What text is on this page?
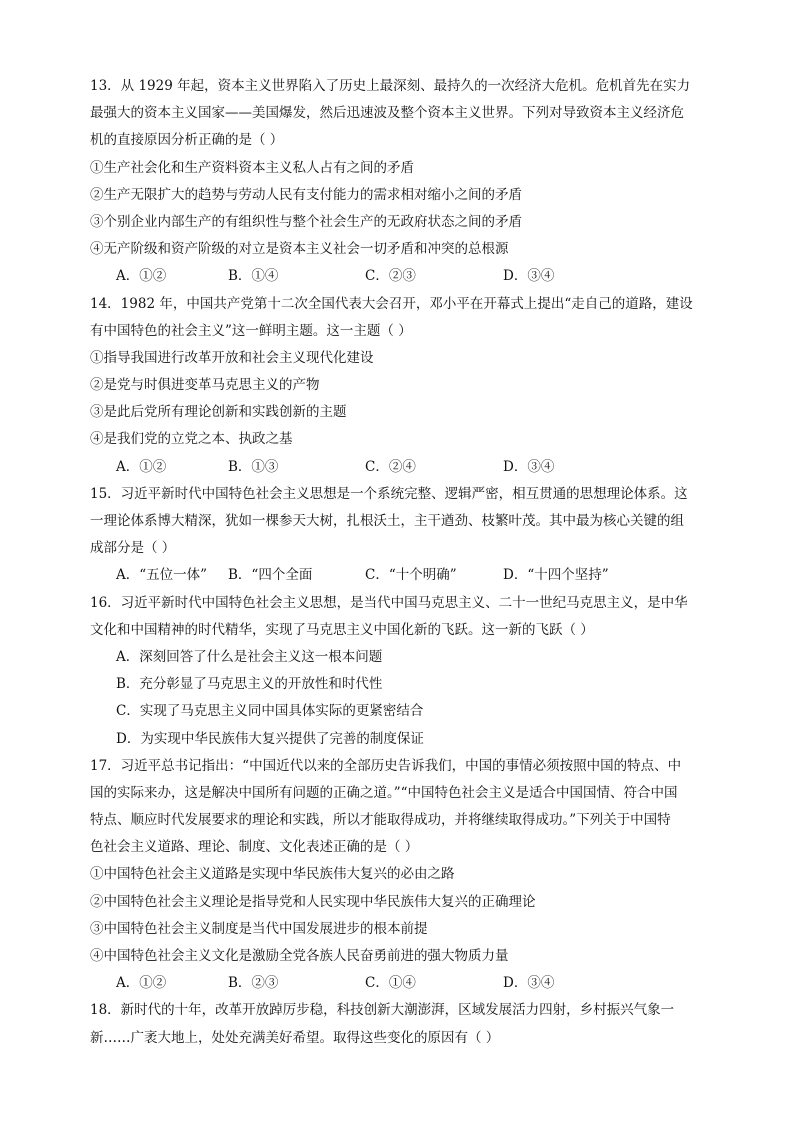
13．从 1929 年起，资本主义世界陷入了历史上最深刻、最持久的一次经济大危机。危机首先在实力
最强大的资本主义国家——美国爆发，然后迅速波及整个资本主义世界。下列对导致资本主义经济危
机的直接原因分析正确的是（ ）
①生产社会化和生产资料资本主义私人占有之间的矛盾
②生产无限扩大的趋势与劳动人民有支付能力的需求相对缩小之间的矛盾
③个别企业内部生产的有组织性与整个社会生产的无政府状态之间的矛盾
④无产阶级和资产阶级的对立是资本主义社会一切矛盾和冲突的总根源
A．①②	B．①④	C．②③	D．③④
14．1982 年，中国共产党第十二次全国代表大会召开，邓小平在开幕式上提出“走自己的道路，建设
有中国特色的社会主义”这一鲜明主题。这一主题（ ）
①指导我国进行改革开放和社会主义现代化建设
②是党与时俱进变革马克思主义的产物
③是此后党所有理论创新和实践创新的主题
④是我们党的立党之本、执政之基
A．①②	B．①③	C．②④	D．③④
15．习近平新时代中国特色社会主义思想是一个系统完整、逻辑严密，相互贯通的思想理论体系。这
一理论体系博大精深，犹如一棵参天大树，扎根沃土，主干遒劲、枝繁叶茂。其中最为核心关键的组
成部分是（ ）
A．“五位一体”	B．“四个全面	C．“十个明确”	D．“十四个坚持”
16．习近平新时代中国特色社会主义思想，是当代中国马克思主义、二十一世纪马克思主义，是中华
文化和中国精神的时代精华，实现了马克思主义中国化新的飞跃。这一新的飞跃（ ）
A．深刻回答了什么是社会主义这一根本问题
B．充分彰显了马克思主义的开放性和时代性
C．实现了马克思主义同中国具体实际的更紧密结合
D．为实现中华民族伟大复兴提供了完善的制度保证
17．习近平总书记指出：“中国近代以来的全部历史告诉我们，中国的事情必须按照中国的特点、中
国的实际来办，这是解决中国所有问题的正确之道。”“中国特色社会主义是适合中国国情、符合中国
特点、顺应时代发展要求的理论和实践，所以才能取得成功，并将继续取得成功。”下列关于中国特
色社会主义道路、理论、制度、文化表述正确的是（ ）
①中国特色社会主义道路是实现中华民族伟大复兴的必由之路
②中国特色社会主义理论是指导党和人民实现中华民族伟大复兴的正确理论
③中国特色社会主义制度是当代中国发展进步的根本前提
④中国特色社会主义文化是激励全党各族人民奋勇前进的强大物质力量
A．①②	B．②③	C．①④	D．③④
18．新时代的十年，改革开放踔厉步稳，科技创新大潮澎湃，区域发展活力四射，乡村振兴气象一
新……广袤大地上，处处充满美好希望。取得这些变化的原因有（ ）
